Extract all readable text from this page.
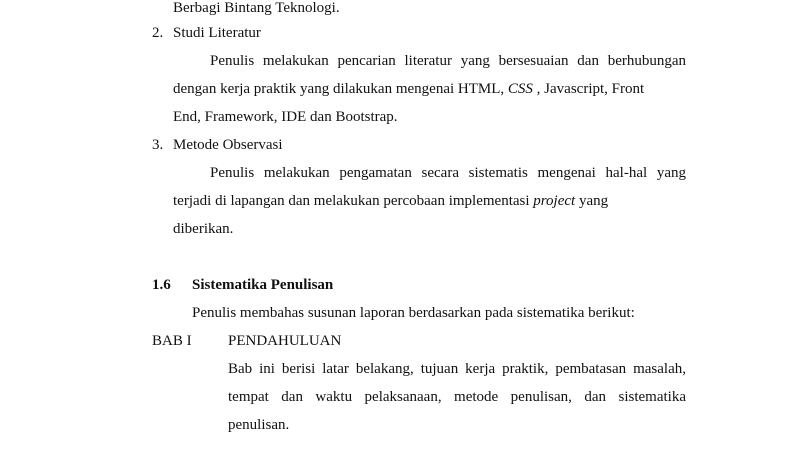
Berbagi Bintang Teknologi.
2. Studi Literatur
Penulis melakukan pencarian literatur yang bersesuaian dan berhubungan
dengan kerja praktik yang dilakukan mengenai HTML, CSS , Javascript, Front
End, Framework, IDE dan Bootstrap.
3. Metode Observasi
Penulis melakukan pengamatan secara sistematis mengenai hal-hal yang
terjadi di lapangan dan melakukan percobaan implementasi project yang
diberikan.
1.6 Sistematika Penulisan
Penulis membahas susunan laporan berdasarkan pada sistematika berikut:
BAB I PENDAHULUAN
Bab ini berisi latar belakang, tujuan kerja praktik, pembatasan masalah,
tempat dan waktu pelaksanaan, metode penulisan, dan sistematika
penulisan.
